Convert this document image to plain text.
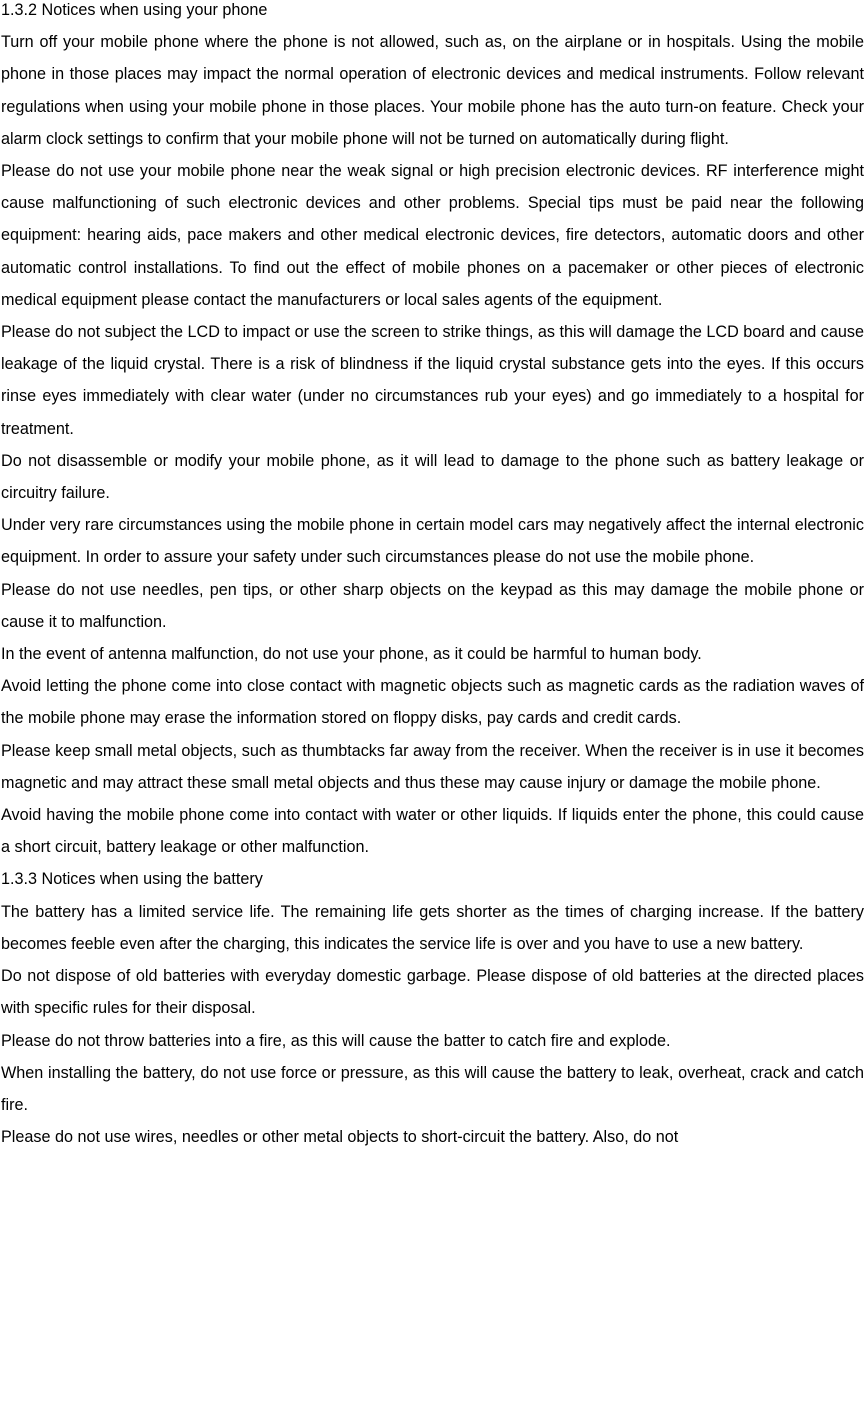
1.3.2 Notices when using your phone

Turn off your mobile phone where the phone is not allowed, such as, on the airplane or in hospitals. Using the mobile phone in those places may impact the normal operation of electronic devices and medical instruments. Follow relevant regulations when using your mobile phone in those places. Your mobile phone has the auto turn-on feature. Check your alarm clock settings to confirm that your mobile phone will not be turned on automatically during flight.

Please do not use your mobile phone near the weak signal or high precision electronic devices. RF interference might cause malfunctioning of such electronic devices and other problems. Special tips must be paid near the following equipment: hearing aids, pace makers and other medical electronic devices, fire detectors, automatic doors and other automatic control installations. To find out the effect of mobile phones on a pacemaker or other pieces of electronic medical equipment please contact the manufacturers or local sales agents of the equipment.

Please do not subject the LCD to impact or use the screen to strike things, as this will damage the LCD board and cause leakage of the liquid crystal. There is a risk of blindness if the liquid crystal substance gets into the eyes. If this occurs rinse eyes immediately with clear water (under no circumstances rub your eyes) and go immediately to a hospital for treatment.

Do not disassemble or modify your mobile phone, as it will lead to damage to the phone such as battery leakage or circuitry failure.

Under very rare circumstances using the mobile phone in certain model cars may negatively affect the internal electronic equipment. In order to assure your safety under such circumstances please do not use the mobile phone.

Please do not use needles, pen tips, or other sharp objects on the keypad as this may damage the mobile phone or cause it to malfunction.

In the event of antenna malfunction, do not use your phone, as it could be harmful to human body.

Avoid letting the phone come into close contact with magnetic objects such as magnetic cards as the radiation waves of the mobile phone may erase the information stored on floppy disks, pay cards and credit cards.

Please keep small metal objects, such as thumbtacks far away from the receiver. When the receiver is in use it becomes magnetic and may attract these small metal objects and thus these may cause injury or damage the mobile phone.

Avoid having the mobile phone come into contact with water or other liquids. If liquids enter the phone, this could cause a short circuit, battery leakage or other malfunction.

1.3.3 Notices when using the battery

The battery has a limited service life. The remaining life gets shorter as the times of charging increase. If the battery becomes feeble even after the charging, this indicates the service life is over and you have to use a new battery.

Do not dispose of old batteries with everyday domestic garbage. Please dispose of old batteries at the directed places with specific rules for their disposal.

Please do not throw batteries into a fire, as this will cause the batter to catch fire and explode.

When installing the battery, do not use force or pressure, as this will cause the battery to leak, overheat, crack and catch fire.

Please do not use wires, needles or other metal objects to short-circuit the battery. Also, do not
